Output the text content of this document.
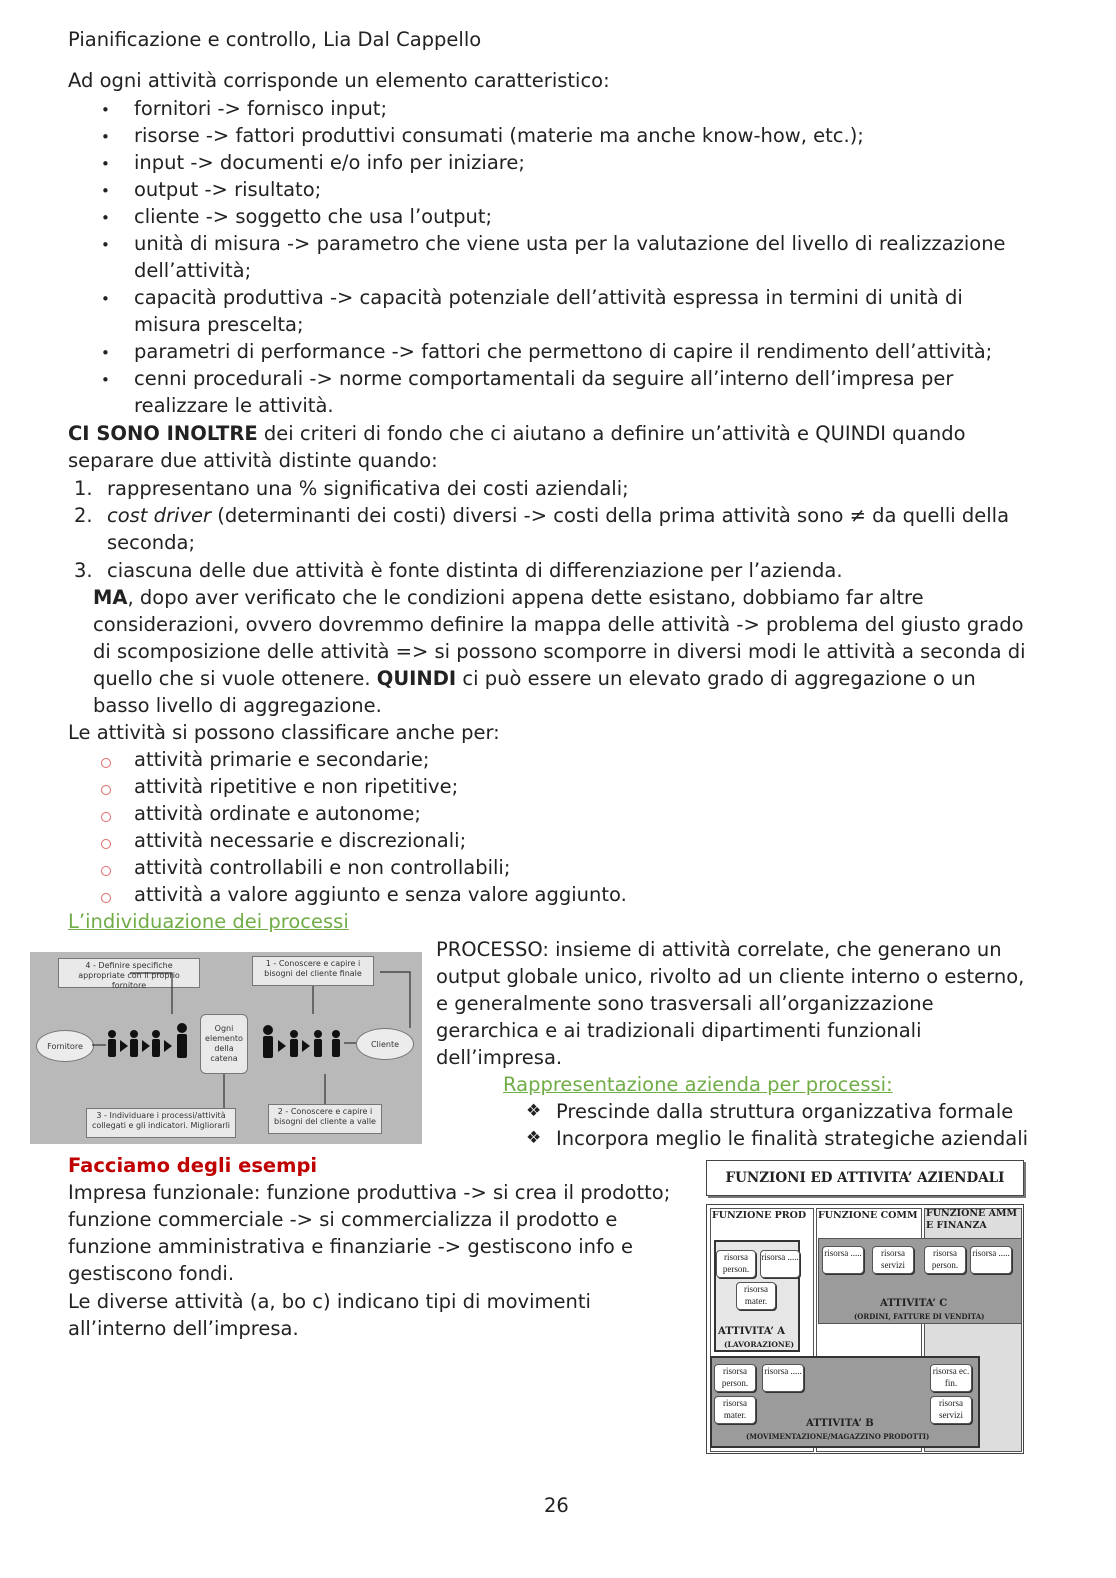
Pianificazione e controllo, Lia Dal Cappello
Ad ogni attività corrisponde un elemento caratteristico:
• fornitori -> fornisco input;
• risorse -> fattori produttivi consumati (materie ma anche know-how, etc.);
• input -> documenti e/o info per iniziare;
• output -> risultato;
• cliente -> soggetto che usa l’output;
• unità di misura -> parametro che viene usta per la valutazione del livello di realizzazione
dell’attività;
• capacità produttiva -> capacità potenziale dell’attività espressa in termini di unità di
misura prescelta;
• parametri di performance -> fattori che permettono di capire il rendimento dell’attività;
• cenni procedurali -> norme comportamentali da seguire all’interno dell’impresa per
realizzare le attività.
CI SONO INOLTRE dei criteri di fondo che ci aiutano a definire un’attività e QUINDI quando
separare due attività distinte quando:
1. rappresentano una % significativa dei costi aziendali;
2. cost driver (determinanti dei costi) diversi -> costi della prima attività sono ≠ da quelli della
seconda;
3. ciascuna delle due attività è fonte distinta di differenziazione per l’azienda.
MA, dopo aver verificato che le condizioni appena dette esistano, dobbiamo far altre
considerazioni, ovvero dovremmo definire la mappa delle attività -> problema del giusto grado
di scomposizione delle attività => si possono scomporre in diversi modi le attività a seconda di
quello che si vuole ottenere. QUINDI ci può essere un elevato grado di aggregazione o un
basso livello di aggregazione.
Le attività si possono classificare anche per:
attività primarie e secondarie;
attività ripetitive e non ripetitive;
attività ordinate e autonome;
attività necessarie e discrezionali;
attività controllabili e non controllabili;
attività a valore aggiunto e senza valore aggiunto.
L’individuazione dei processi
4 - Definire specifiche appropriate con il proprio fornitore
1 - Conoscere e capire i bisogni del cliente finale
3 - Individuare i processi/attività collegati e gli indicatori. Migliorarli
2 - Conoscere e capire i bisogni del cliente a valle
Fornitore	Cliente
Ogni elemento della catena
PROCESSO: insieme di attività correlate, che generano un
output globale unico, rivolto ad un cliente interno o esterno,
e generalmente sono trasversali all’organizzazione
gerarchica e ai tradizionali dipartimenti funzionali
dell’impresa.
Rappresentazione azienda per processi:
❖ Prescinde dalla struttura organizzativa formale
❖ Incorpora meglio le finalità strategiche aziendali
Facciamo degli esempi
Impresa funzionale: funzione produttiva -> si crea il prodotto;
funzione commerciale -> si commercializza il prodotto e
funzione amministrativa e finanziarie -> gestiscono info e
gestiscono fondi.
Le diverse attività (a, bo c) indicano tipi di movimenti
all’interno dell’impresa.
FUNZIONI ED ATTIVITA’ AZIENDALI
FUNZIONE PROD FUNZIONE COMM FUNZIONE AMM
E FINANZA
risorsa person.
risorsa .....
risorsa mater.
ATTIVITA’ A
(LAVORAZIONE)
risorsa .....	risorsa servizi
risorsa person.
risorsa .....
ATTIVITA’ C
(ORDINI, FATTURE DI VENDITA)
risorsa person.
risorsa .....
risorsa mater.
risorsa ec. fin.
risorsa servizi
ATTIVITA’ B
(MOVIMENTAZIONE/MAGAZZINO PRODOTTI)
26
